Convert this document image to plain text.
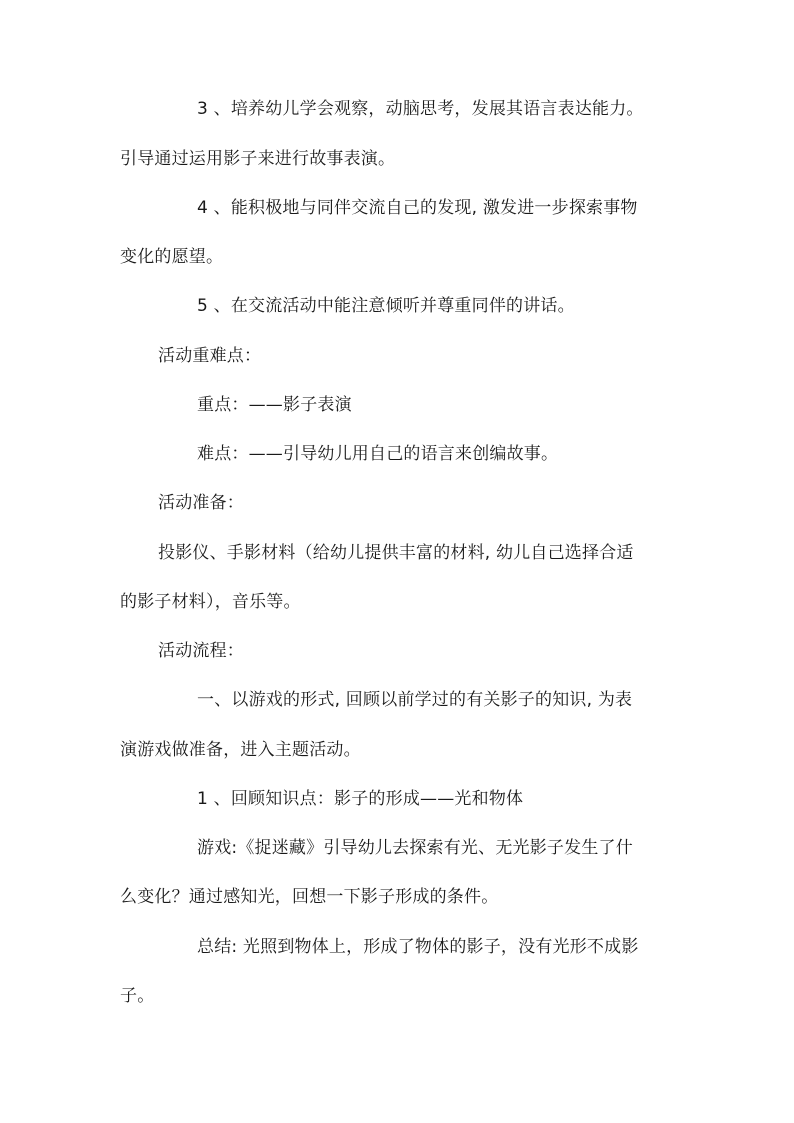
3 、培养幼儿学会观察，动脑思考，发展其语言表达能力。
引导通过运用影子来进行故事表演。
4 、能积极地与同伴交流自己的发现, 激发进一步探索事物
变化的愿望。
5 、在交流活动中能注意倾听并尊重同伴的讲话。
活动重难点：
重点：——影子表演
难点：——引导幼儿用自己的语言来创编故事。
活动准备：
投影仪、手影材料（给幼儿提供丰富的材料, 幼儿自己选择合适
的影子材料），音乐等。
活动流程：
一、以游戏的形式, 回顾以前学过的有关影子的知识, 为表
演游戏做准备，进入主题活动。
1 、回顾知识点：影子的形成——光和物体
游戏:《捉迷藏》引导幼儿去探索有光、无光影子发生了什
么变化？通过感知光，回想一下影子形成的条件。
总结: 光照到物体上，形成了物体的影子，没有光形不成影
子。
